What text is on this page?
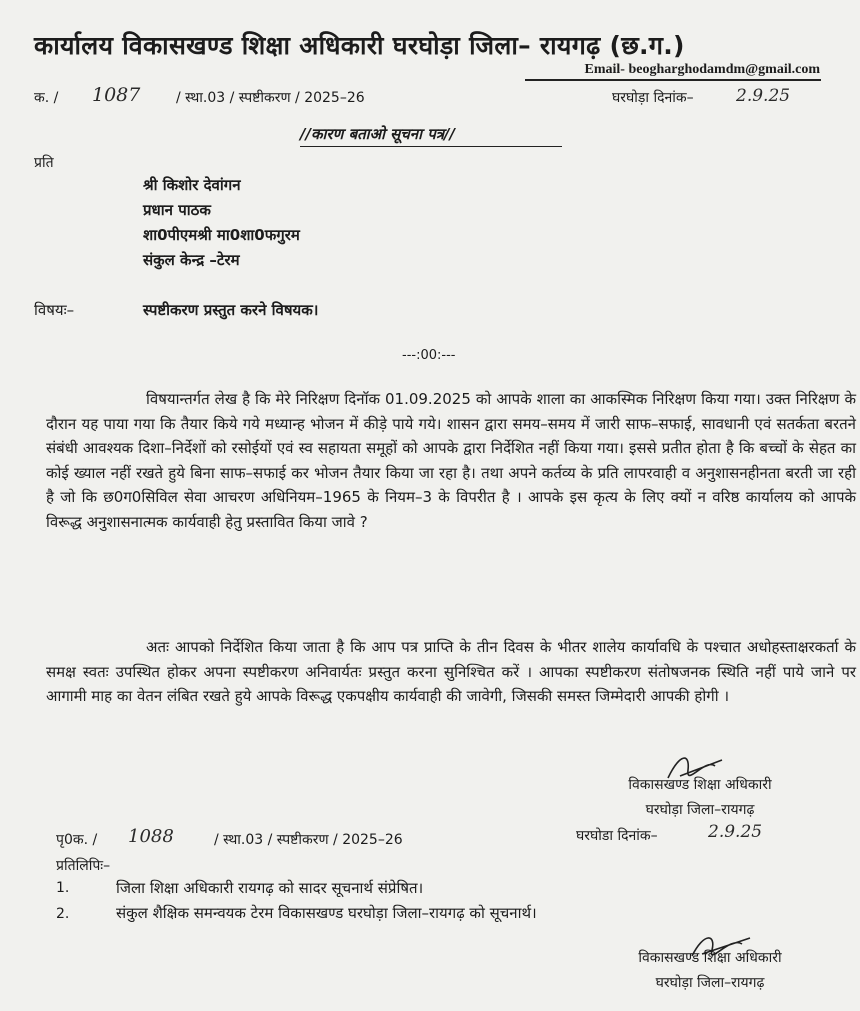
कार्यालय विकासखण्ड शिक्षा अधिकारी घरघोड़ा जिला– रायगढ़ (छ.ग.)
Email- beogharghodamdm@gmail.com
क. / 1087	/ स्था.03 / स्पष्टीकरण / 2025–26	घरघोड़ा दिनांक– 2.9.25
//कारण बताओ सूचना पत्र//
प्रति
श्री किशोर देवांगन
प्रधान पाठक
शा0पीएमश्री मा0शा0फगुरम
संकुल केन्द्र –टेरम
विषयः–	स्पष्टीकरण प्रस्तुत करने विषयक।
---:00:---
विषयान्तर्गत लेख है कि मेरे निरिक्षण दिनॉक 01.09.2025 को आपके शाला का आकस्मिक निरिक्षण किया गया। उक्त निरिक्षण के दौरान यह पाया गया कि तैयार किये गये मध्यान्ह भोजन में कीड़े पाये गये। शासन द्वारा समय–समय में जारी साफ–सफाई, सावधानी एवं सतर्कता बरतने संबंधी आवश्यक दिशा–निर्देशों को रसोईयों एवं स्व सहायता समूहों को आपके द्वारा निर्देशित नहीं किया गया। इससे प्रतीत होता है कि बच्चों के सेहत का कोई ख्याल नहीं रखते हुये बिना साफ–सफाई कर भोजन तैयार किया जा रहा है। तथा अपने कर्तव्य के प्रति लापरवाही व अनुशासनहीनता बरती जा रही है जो कि छ0ग0सिविल सेवा आचरण अधिनियम–1965 के नियम–3 के विपरीत है । आपके इस कृत्य के लिए क्यों न वरिष्ठ कार्यालय को आपके विरूद्ध अनुशासनात्मक कार्यवाही हेतु प्रस्तावित किया जावे ?
अतः आपको निर्देशित किया जाता है कि आप पत्र प्राप्ति के तीन दिवस के भीतर शालेय कार्यावधि के पश्चात अधोहस्ताक्षरकर्ता के समक्ष स्वतः उपस्थित होकर अपना स्पष्टीकरण अनिवार्यतः प्रस्तुत करना सुनिश्चित करें । आपका स्पष्टीकरण संतोषजनक स्थिति नहीं पाये जाने पर आगामी माह का वेतन लंबित रखते हुये आपके विरूद्ध एकपक्षीय कार्यवाही की जावेगी, जिसकी समस्त जिम्मेदारी आपकी होगी ।
विकासखण्ड शिक्षा अधिकारी
घरघोड़ा जिला–रायगढ़
घरघोडा दिनांक–	2.9.25
पृ0क. / 1088	/ स्था.03 / स्पष्टीकरण / 2025–26
प्रतिलिपिः–
1.	जिला शिक्षा अधिकारी रायगढ़ को सादर सूचनार्थ संप्रेषित।
2.	संकुल शैक्षिक समन्वयक टेरम विकासखण्ड घरघोड़ा जिला–रायगढ़ को सूचनार्थ।
विकासखण्ड शिक्षा अधिकारी
घरघोड़ा जिला–रायगढ़
